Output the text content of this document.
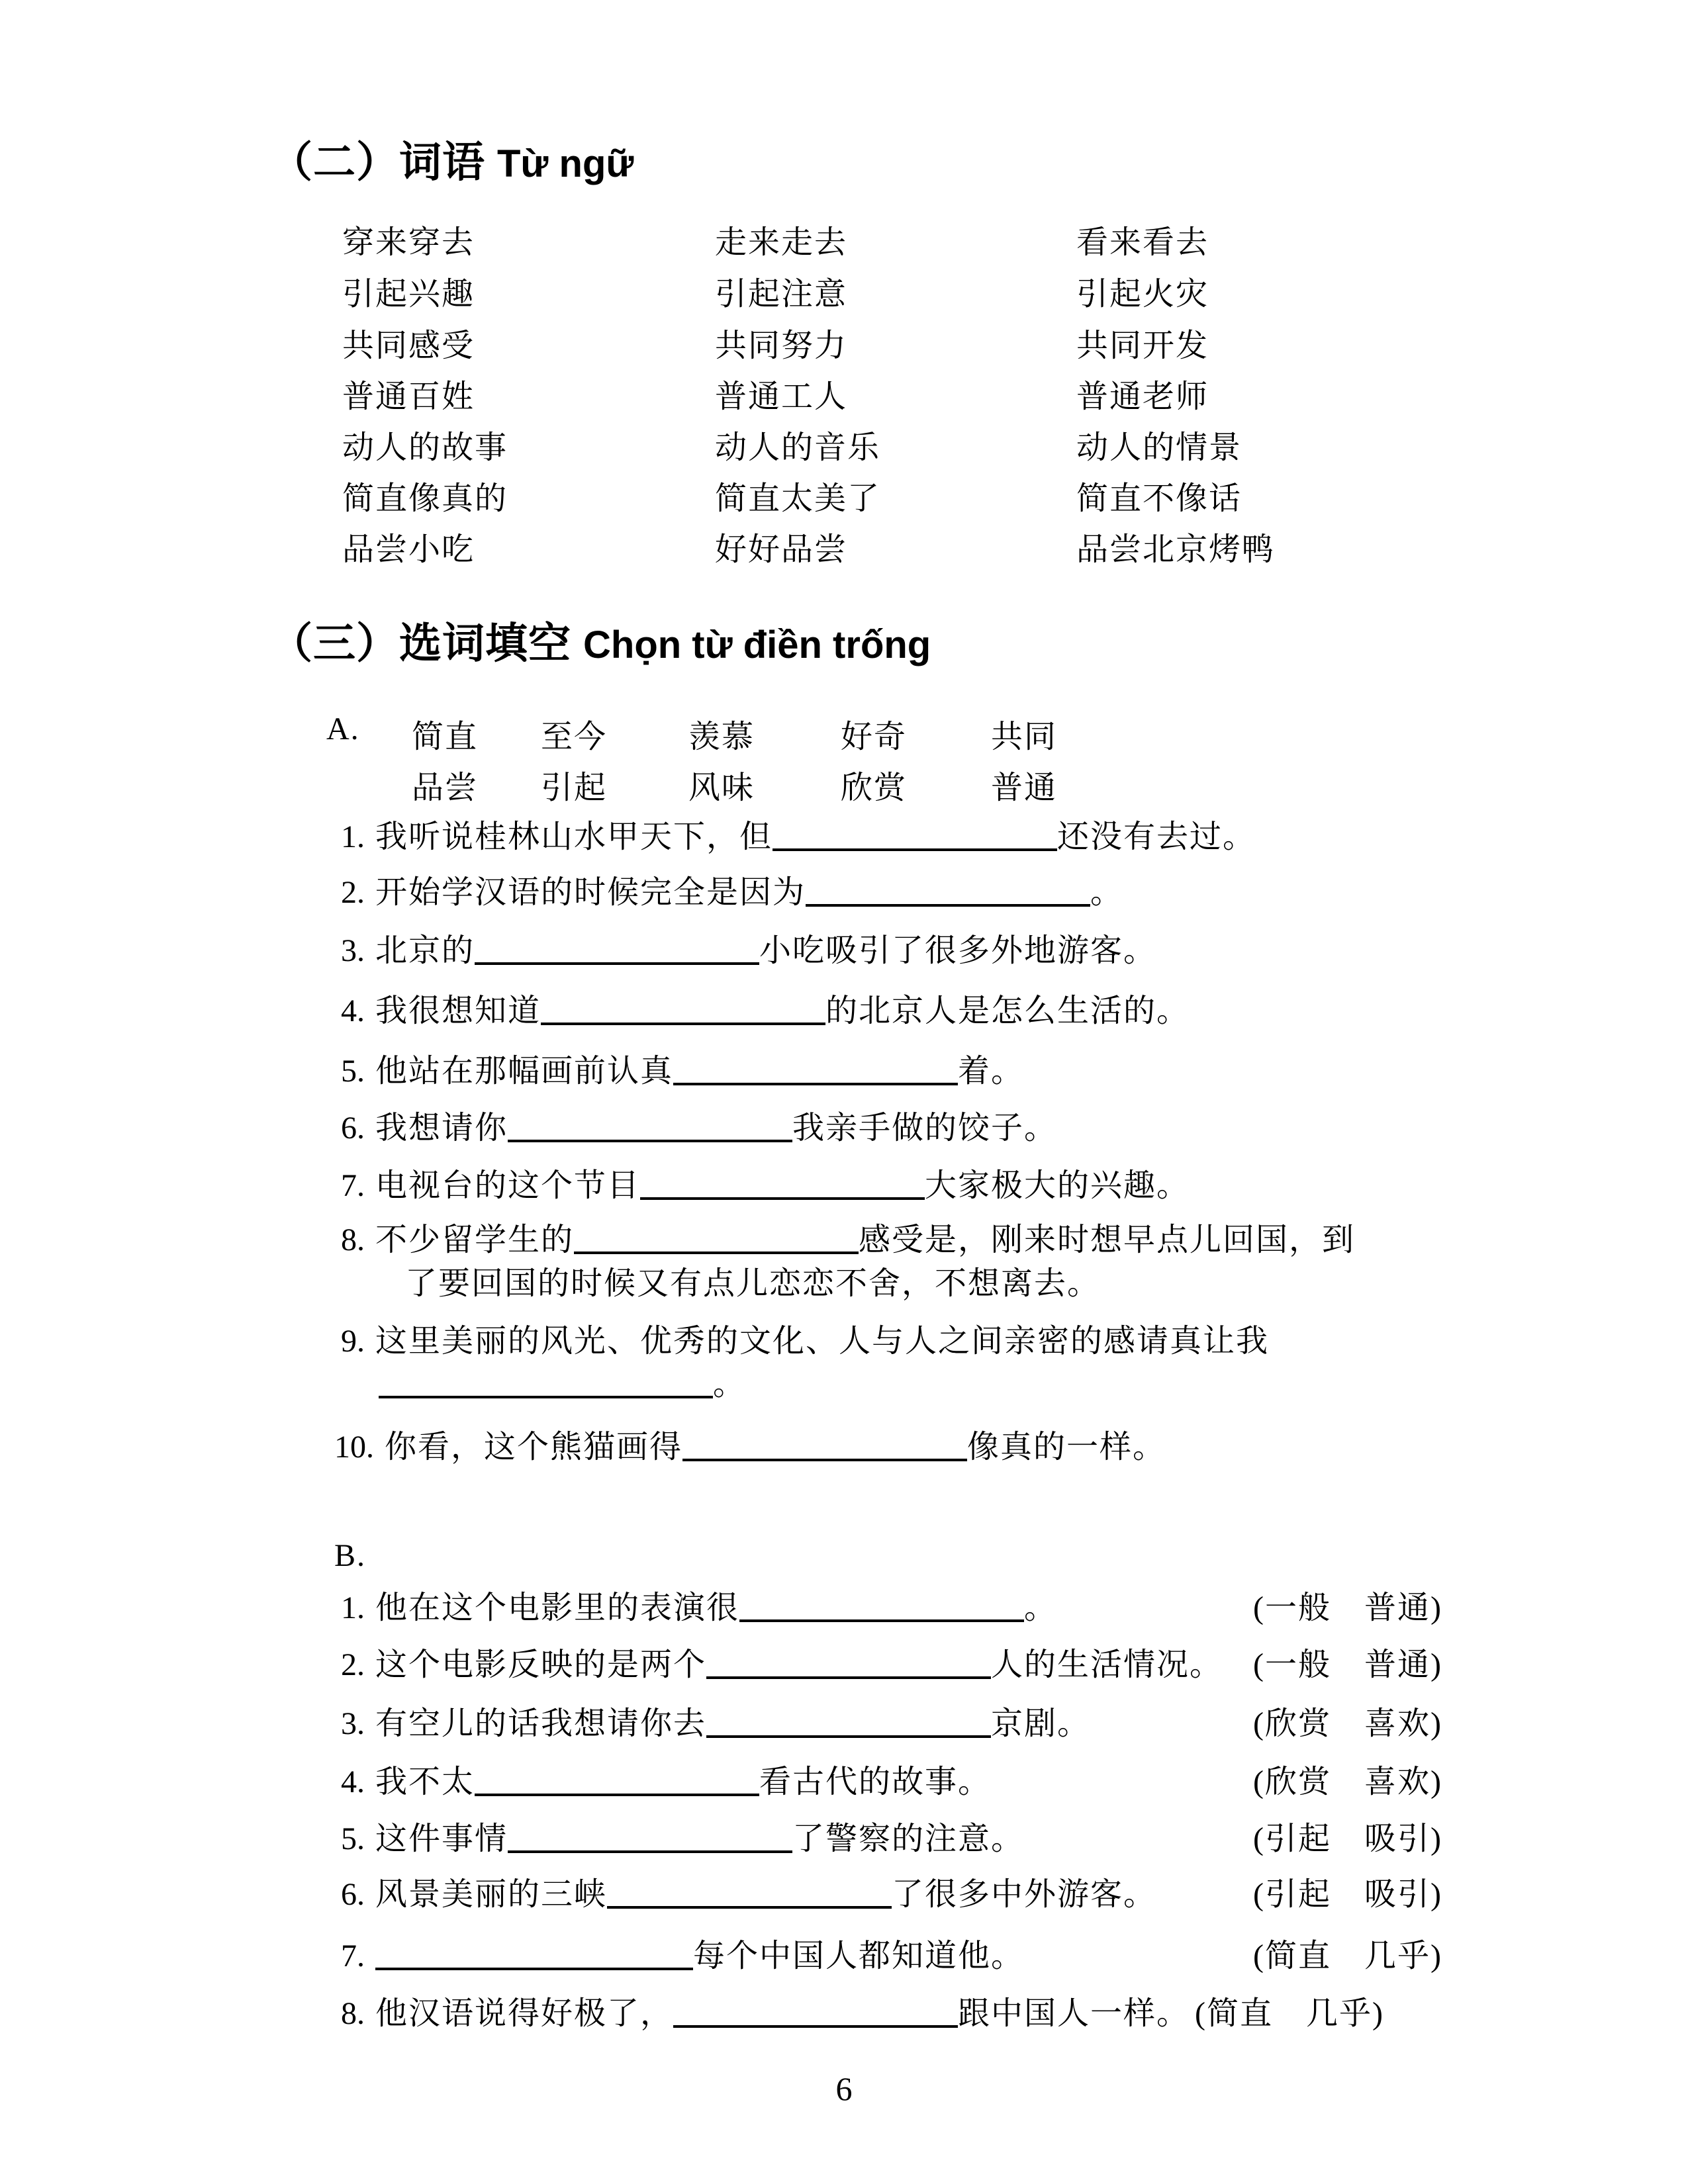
（二）词语 Từ ngữ
穿来穿去	走来走去	看来看去
引起兴趣	引起注意	引起火灾
共同感受	共同努力	共同开发
普通百姓	普通工人	普通老师
动人的故事	动人的音乐	动人的情景
简直像真的	简直太美了	简直不像话
品尝小吃	好好品尝	品尝北京烤鸭
（三）选词填空 Chọn từ điền trống
A. 简直 至今	羡慕	好奇	共同
品尝 引起	风味	欣赏	普通
1. 我听说桂林山水甲天下，但	还没有去过。
2. 开始学汉语的时候完全是因为	。
3. 北京的	小吃吸引了很多外地游客。
4. 我很想知道	的北京人是怎么生活的。
5. 他站在那幅画前认真	着。
6. 我想请你	我亲手做的饺子。
7. 电视台的这个节目	大家极大的兴趣。
8. 不少留学生的	感受是，刚来时想早点儿回国，到
了要回国的时候又有点儿恋恋不舍，不想离去。
9. 这里美丽的风光、优秀的文化、人与人之间亲密的感请真让我
。
10. 你看，这个熊猫画得	像真的一样。
B.
1. 他在这个电影里的表演很	。	(一般　普通)
2. 这个电影反映的是两个	人的生活情况。 (一般　普通)
3. 有空儿的话我想请你去	京剧。	(欣赏　喜欢)
4. 我不太	看古代的故事。	(欣赏　喜欢)
5. 这件事情	了警察的注意。	(引起　吸引)
6. 风景美丽的三峡	了很多中外游客。	(引起　吸引)
7.	每个中国人都知道他。	(简直　几乎)
8. 他汉语说得好极了，	跟中国人一样。 (简直　几乎)
6
